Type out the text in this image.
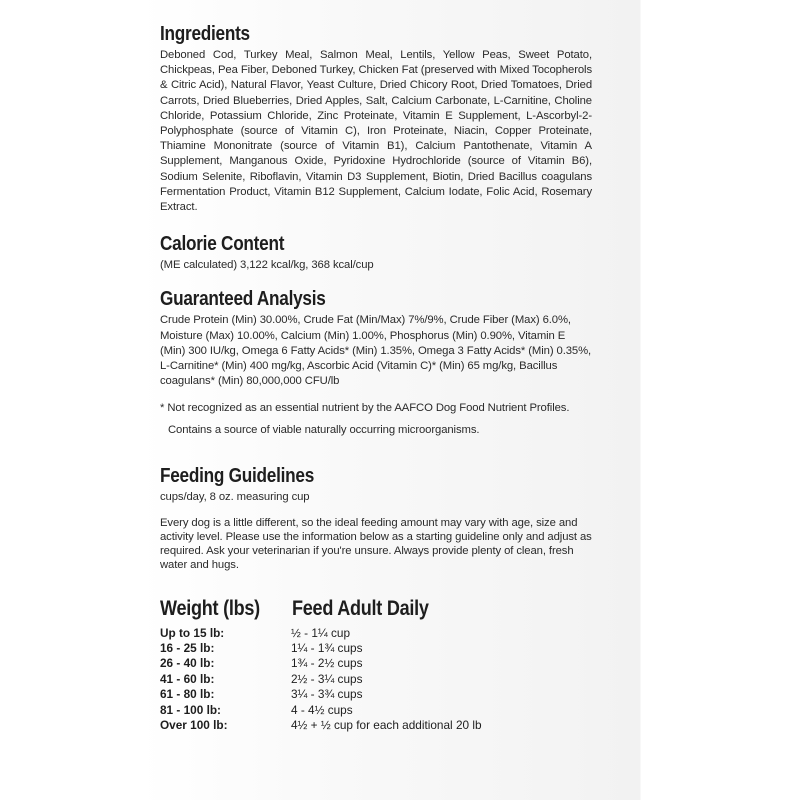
Ingredients

Deboned Cod, Turkey Meal, Salmon Meal, Lentils, Yellow Peas, Sweet Potato, Chickpeas, Pea Fiber, Deboned Turkey, Chicken Fat (preserved with Mixed Tocopherols & Citric Acid), Natural Flavor, Yeast Culture, Dried Chicory Root, Dried Tomatoes, Dried Carrots, Dried Blueberries, Dried Apples, Salt, Calcium Carbonate, L-Carnitine, Choline Chloride, Potassium Chloride, Zinc Proteinate, Vitamin E Supplement, L-Ascorbyl-2-Polyphosphate (source of Vitamin C), Iron Proteinate, Niacin, Copper Proteinate, Thiamine Mononitrate (source of Vitamin B1), Calcium Pantothenate, Vitamin A Supplement, Manganous Oxide, Pyridoxine Hydrochloride (source of Vitamin B6), Sodium Selenite, Riboflavin, Vitamin D3 Supplement, Biotin, Dried Bacillus coagulans Fermentation Product, Vitamin B12 Supplement, Calcium Iodate, Folic Acid, Rosemary Extract.

Calorie Content

(ME calculated) 3,122 kcal/kg, 368 kcal/cup

Guaranteed Analysis

Crude Protein (Min) 30.00%, Crude Fat (Min/Max) 7%/9%, Crude Fiber (Max) 6.0%, Moisture (Max) 10.00%, Calcium (Min) 1.00%, Phosphorus (Min) 0.90%, Vitamin E (Min) 300 IU/kg, Omega 6 Fatty Acids* (Min) 1.35%, Omega 3 Fatty Acids* (Min) 0.35%, L-Carnitine* (Min) 400 mg/kg, Ascorbic Acid (Vitamin C)* (Min) 65 mg/kg, Bacillus coagulans* (Min) 80,000,000 CFU/lb

* Not recognized as an essential nutrient by the AAFCO Dog Food Nutrient Profiles.

Contains a source of viable naturally occurring microorganisms.

Feeding Guidelines

cups/day, 8 oz. measuring cup

Every dog is a little different, so the ideal feeding amount may vary with age, size and activity level. Please use the information below as a starting guideline only and adjust as required. Ask your veterinarian if you're unsure. Always provide plenty of clean, fresh water and hugs.

Weight (lbs)	Feed Adult Daily
Up to 15 lb:	½ - 1¼ cup
16 - 25 lb:	1¼ - 1¾ cups
26 - 40 lb:	1¾ - 2½ cups
41 - 60 lb:	2½ - 3¼ cups
61 - 80 lb:	3¼ - 3¾ cups
81 - 100 lb:	4 - 4½ cups
Over 100 lb:	4½ + ½ cup for each additional 20 lb
